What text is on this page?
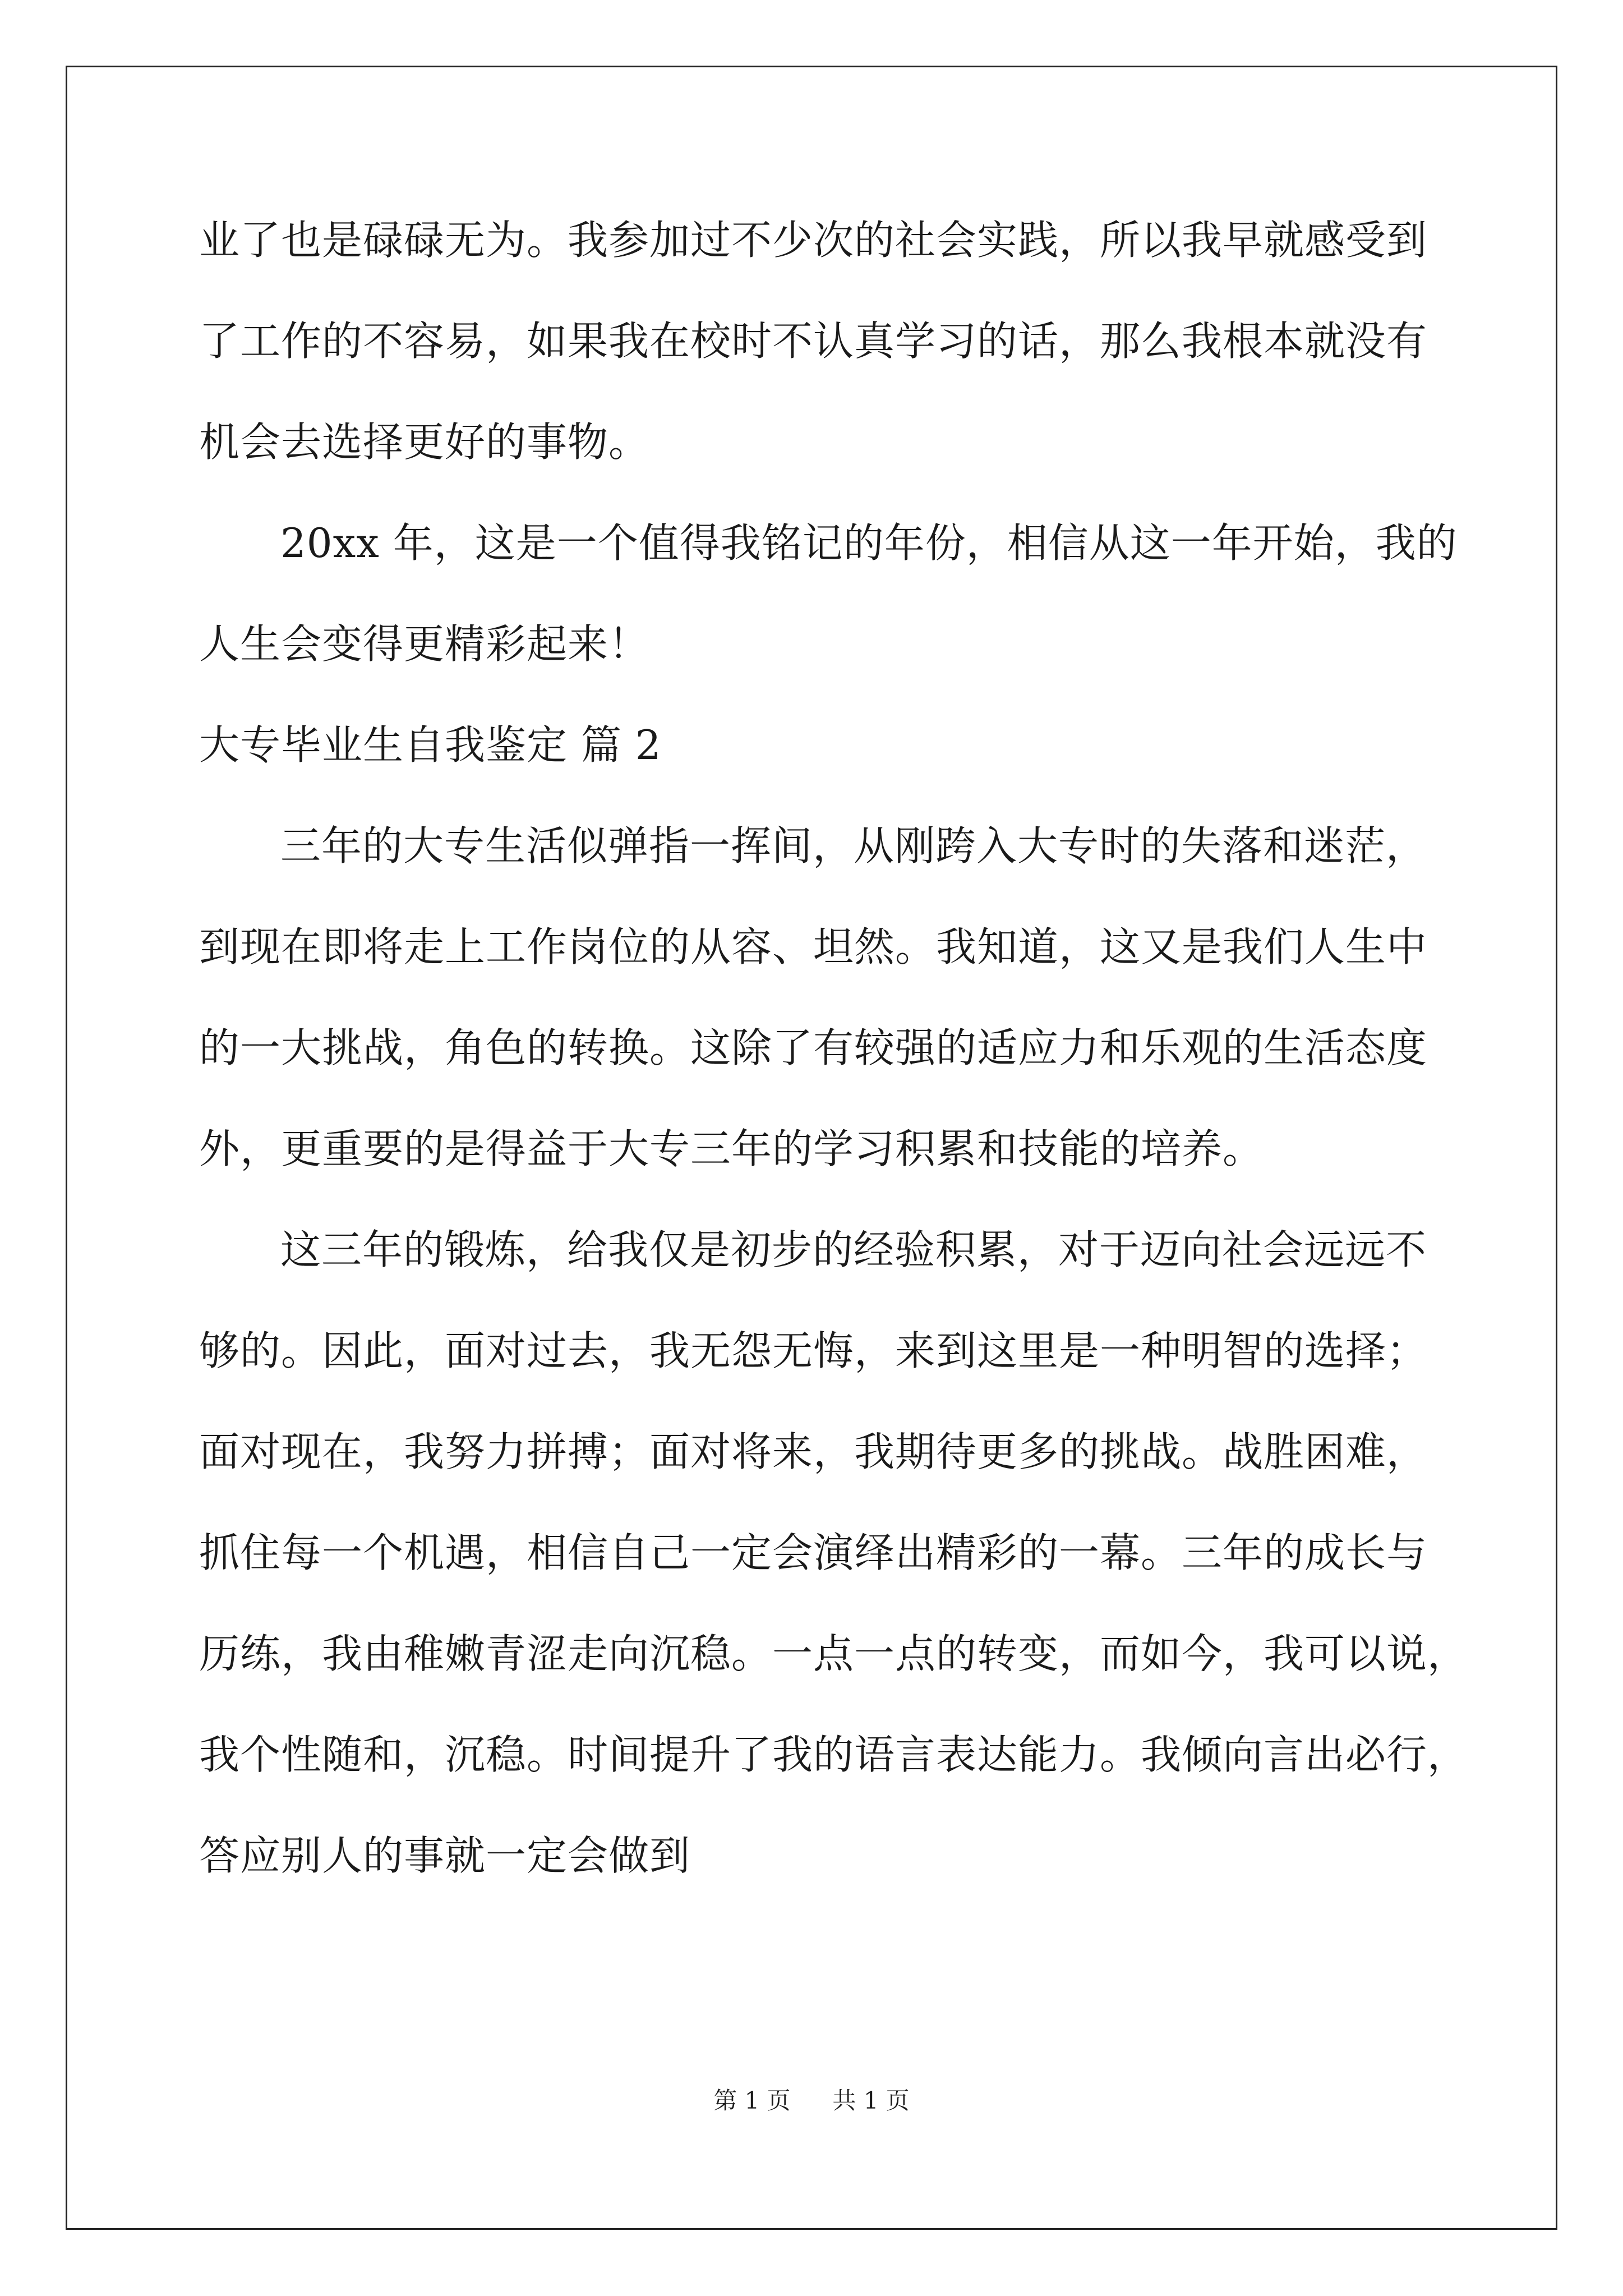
业了也是碌碌无为。我参加过不少次的社会实践，所以我早就感受到
了工作的不容易，如果我在校时不认真学习的话，那么我根本就没有
机会去选择更好的事物。
20xx 年，这是一个值得我铭记的年份，相信从这一年开始，我的
人生会变得更精彩起来！
大专毕业生自我鉴定 篇 2
三年的大专生活似弹指一挥间，从刚跨入大专时的失落和迷茫，
到现在即将走上工作岗位的从容、坦然。我知道，这又是我们人生中
的一大挑战，角色的转换。这除了有较强的适应力和乐观的生活态度
外，更重要的是得益于大专三年的学习积累和技能的培养。
这三年的锻炼，给我仅是初步的经验积累，对于迈向社会远远不
够的。因此，面对过去，我无怨无悔，来到这里是一种明智的选择；
面对现在，我努力拼搏；面对将来，我期待更多的挑战。战胜困难，
抓住每一个机遇，相信自己一定会演绎出精彩的一幕。三年的成长与
历练，我由稚嫩青涩走向沉稳。一点一点的转变，而如今，我可以说，
我个性随和，沉稳。时间提升了我的语言表达能力。我倾向言出必行，
答应别人的事就一定会做到
第 1 页 共 1 页
